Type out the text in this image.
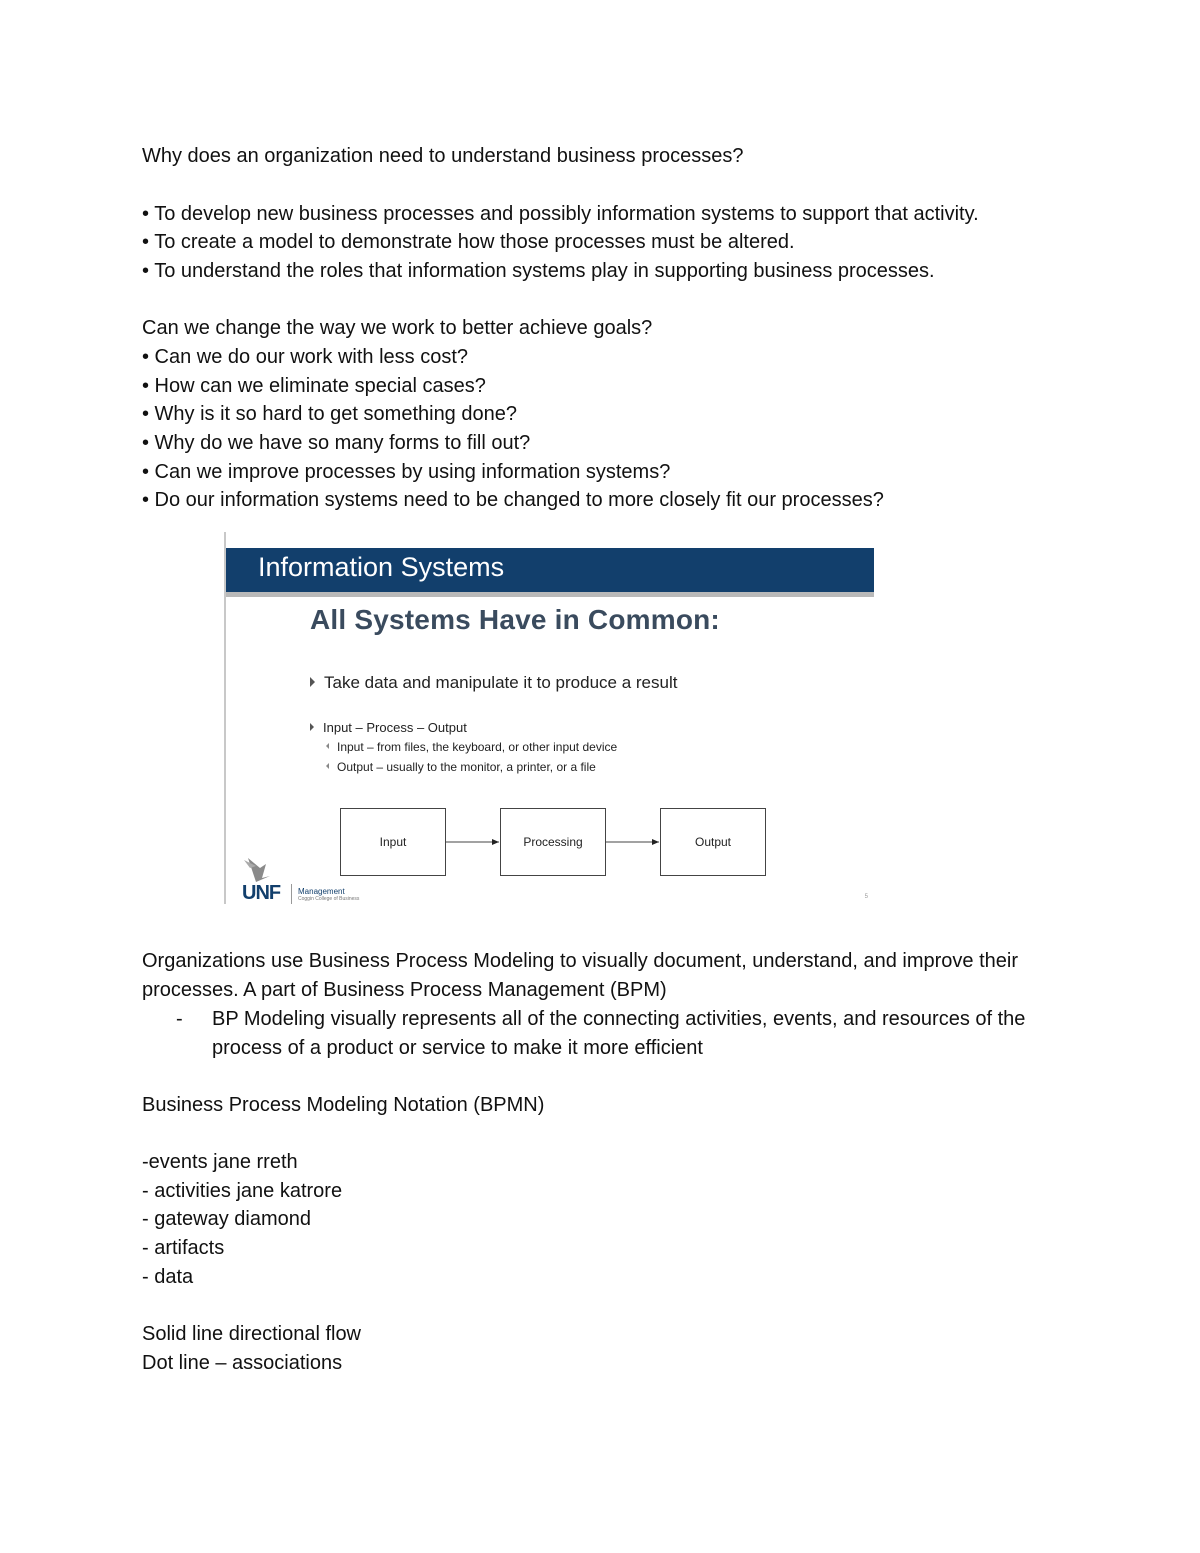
Why does an organization need to understand business processes?
• To develop new business processes and possibly information systems to support that activity.
• To create a model to demonstrate how those processes must be altered.
• To understand the roles that information systems play in supporting business processes.
Can we change the way we work to better achieve goals?
• Can we do our work with less cost?
• How can we eliminate special cases?
• Why is it so hard to get something done?
• Why do we have so many forms to fill out?
• Can we improve processes by using information systems?
• Do our information systems need to be changed to more closely fit our processes?
Information Systems
All Systems Have in Common:
Take data and manipulate it to produce a result
Input – Process – Output
Input – from files, the keyboard, or other input device
Output – usually to the monitor, a printer, or a file
Input	Processing	Output
UNF Management
Coggin College of Business	5
Organizations use Business Process Modeling to visually document, understand, and improve their processes. A part of Business Process Management (BPM)
- BP Modeling visually represents all of the connecting activities, events, and resources of the process of a product or service to make it more efficient
Business Process Modeling Notation (BPMN)
-events jane rreth
- activities jane katrore
- gateway diamond
- artifacts
- data
Solid line directional flow
Dot line – associations
